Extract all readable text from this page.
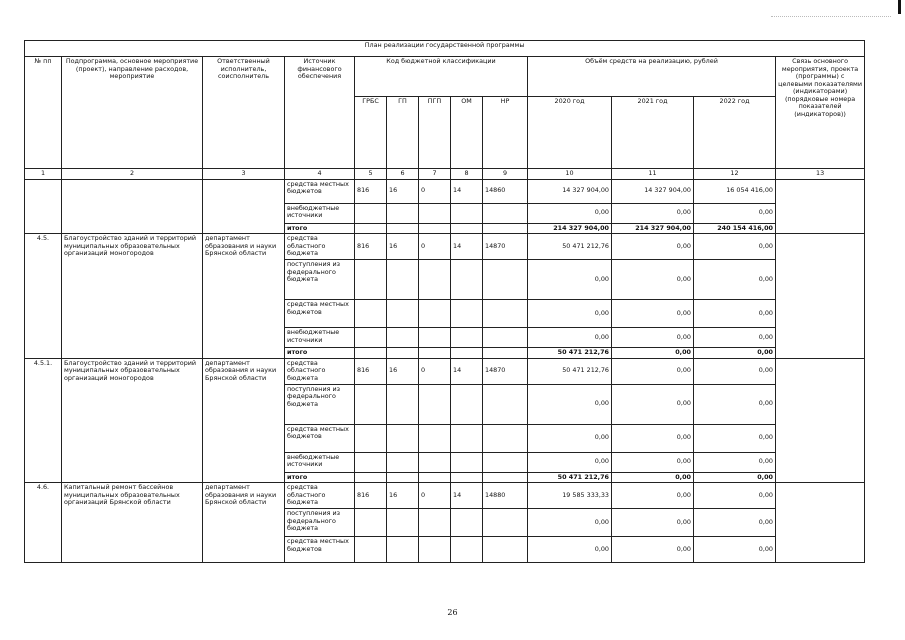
План реализации государственной программы												
№ пп	Подпрограмма, основное мероприятие (проект), направление расходов, мероприятие	Ответственный исполнитель, соисполнитель	Источник финансового обеспечения	Код бюджетной классификации					Объём средств на реализацию, рублей			Связь основного мероприятия, проекта (программы) с целевыми показателями (индикаторами) (порядковые номера показателей (индикаторов))
				ГРБС	ГП	ПГП	ОМ	НР	2020 год	2021 год	2022 год	
1	2	3	4	5	6	7	8	9	10	11	12	13
			средства местных бюджетов	816	16	0	14	14860	14 327 904,00	14 327 904,00	16 054 416,00	
			внебюджетные источники						0,00	0,00	0,00	
			итого						214 327 904,00	214 327 904,00	240 154 416,00	
4.5.	Благоустройство зданий и территорий муниципальных образовательных организаций моногородов	департамент образования и науки Брянской области	средства областного бюджета	816	16	0	14	14870	50 471 212,76	0,00	0,00	
			поступления из федерального бюджета						0,00	0,00	0,00	
			средства местных бюджетов						0,00	0,00	0,00	
			внебюджетные источники						0,00	0,00	0,00	
			итого						50 471 212,76	0,00	0,00	
4.5.1.	Благоустройство зданий и территорий муниципальных образовательных организаций моногородов	департамент образования и науки Брянской области	средства областного бюджета	816	16	0	14	14870	50 471 212,76	0,00	0,00	
			поступления из федерального бюджета						0,00	0,00	0,00	
			средства местных бюджетов						0,00	0,00	0,00	
			внебюджетные источники						0,00	0,00	0,00	
			итого						50 471 212,76	0,00	0,00	
4.6.	Капитальный ремонт бассейнов муниципальных образовательных организаций Брянской области	департамент образования и науки Брянской области	средства областного бюджета	816	16	0	14	14880	19 585 333,33	0,00	0,00	
			поступления из федерального бюджета						0,00	0,00	0,00	
			средства местных бюджетов						0,00	0,00	0,00	
26
